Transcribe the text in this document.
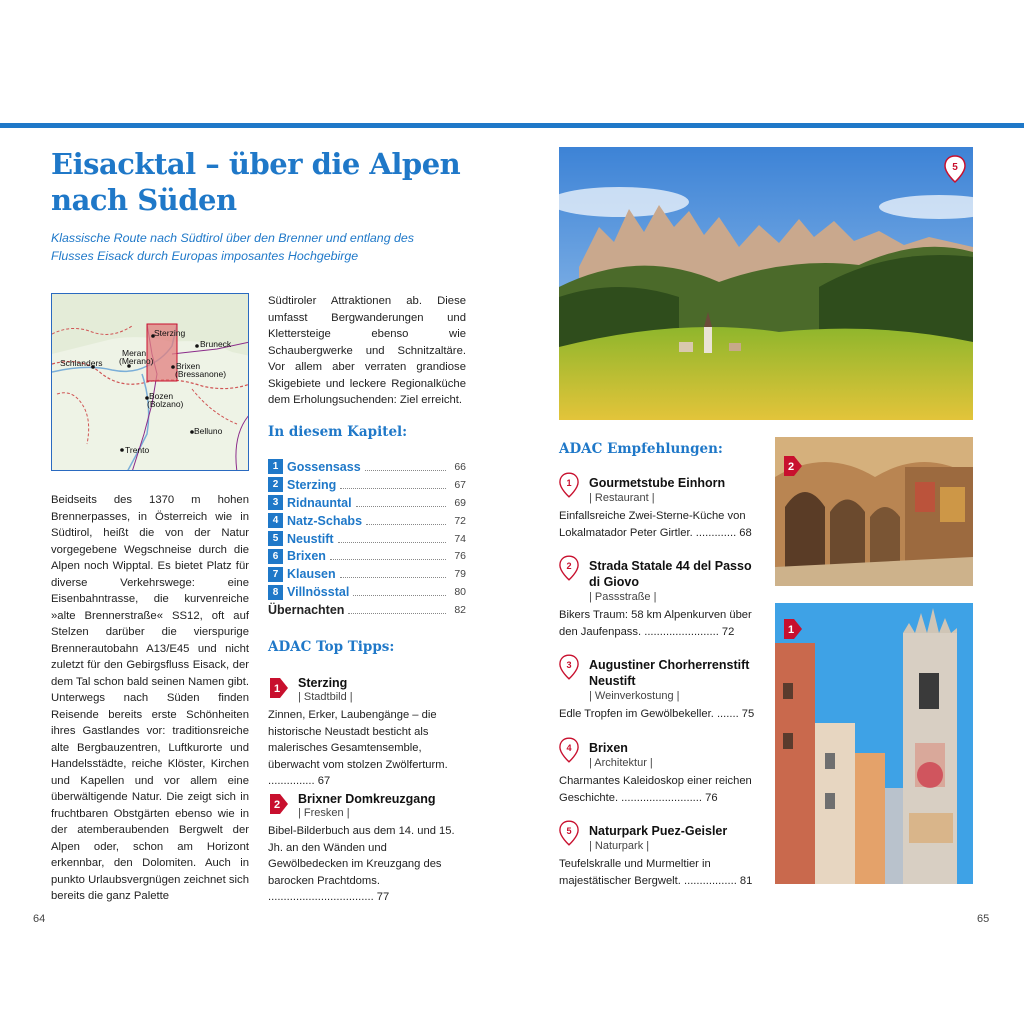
Eisacktal – über die Alpen nach Süden

Klassische Route nach Südtirol über den Brenner und entlang des Flusses Eisack durch Europas imposantes Hochgebirge

Sterzing
Bruneck
Schlanders
Meran
(Merano)	Brixen
(Bressanone)
Bozen
(Bolzano)
Belluno
Trento

Beidseits des 1370 m hohen Brennerpasses, in Österreich wie in Südtirol, heißt die von der Natur vorgegebene Wegschneise durch die Alpen noch Wipptal. Es bietet Platz für diverse Verkehrswege: eine Eisenbahntrasse, die kurvenreiche »alte Brennerstraße« SS12, oft auf Stelzen darüber die vierspurige Brennerautobahn A13/E45 und nicht zuletzt für den Gebirgsfluss Eisack, der dem Tal schon bald seinen Namen gibt. Unterwegs nach Süden finden Reisende bereits erste Schönheiten ihres Gastlandes vor: traditionsreiche alte Bergbauzentren, Luftkurorte und Handelsstädte, reiche Klöster, Kirchen und Kapellen und vor allem eine überwältigende Natur. Die zeigt sich in fruchtbaren Obstgärten ebenso wie in der atemberaubenden Bergwelt der Alpen oder, schon am Horizont erkennbar, den Dolomiten. Auch in punkto Urlaubsvergnügen zeichnet sich bereits die ganz Palette

Südtiroler Attraktionen ab. Diese umfasst Bergwanderungen und Klettersteige ebenso wie Schaubergwerke und Schnitzaltäre. Vor allem aber verraten grandiose Skigebiete und leckere Regionalküche dem Erholungsuchenden: Ziel erreicht.

In diesem Kapitel:
1 Gossensass	66
2 Sterzing	67
3 Ridnauntal	69
4 Natz-Schabs	72
5 Neustift	74
6 Brixen	76
7 Klausen	79
8 Villnösstal	80
Übernachten	82
ADAC Top Tipps:
1 Sterzing
| Stadtbild |
Zinnen, Erker, Laubengänge – die historische Neustadt besticht als malerisches Gesamtensemble, überwacht vom stolzen Zwölferturm. ............... 67
2 Brixner Domkreuzgang
| Fresken |
Bibel-Bilderbuch aus dem 14. und 15. Jh. an den Wänden und Gewölbedecken im Kreuzgang des barocken Prachtdoms. .................................. 77
64	65
5
ADAC Empfehlungen:
1 Gourmetstube Einhorn
| Restaurant |
Einfallsreiche Zwei-Sterne-Küche von Lokalmatador Peter Girtler. ............. 68
2 Strada Statale 44 del Passo di Giovo
| Passstraße |
Bikers Traum: 58 km Alpenkurven über den Jaufenpass. ........................ 72
3 Augustiner Chorherrenstift Neustift
| Weinverkostung |
Edle Tropfen im Gewölbekeller. ....... 75
4 Brixen
| Architektur |
Charmantes Kaleidoskop einer reichen Geschichte. .......................... 76
5 Naturpark Puez-Geisler
| Naturpark |
Teufelskralle und Murmeltier in majestätischer Bergwelt. ................. 81
2
1
